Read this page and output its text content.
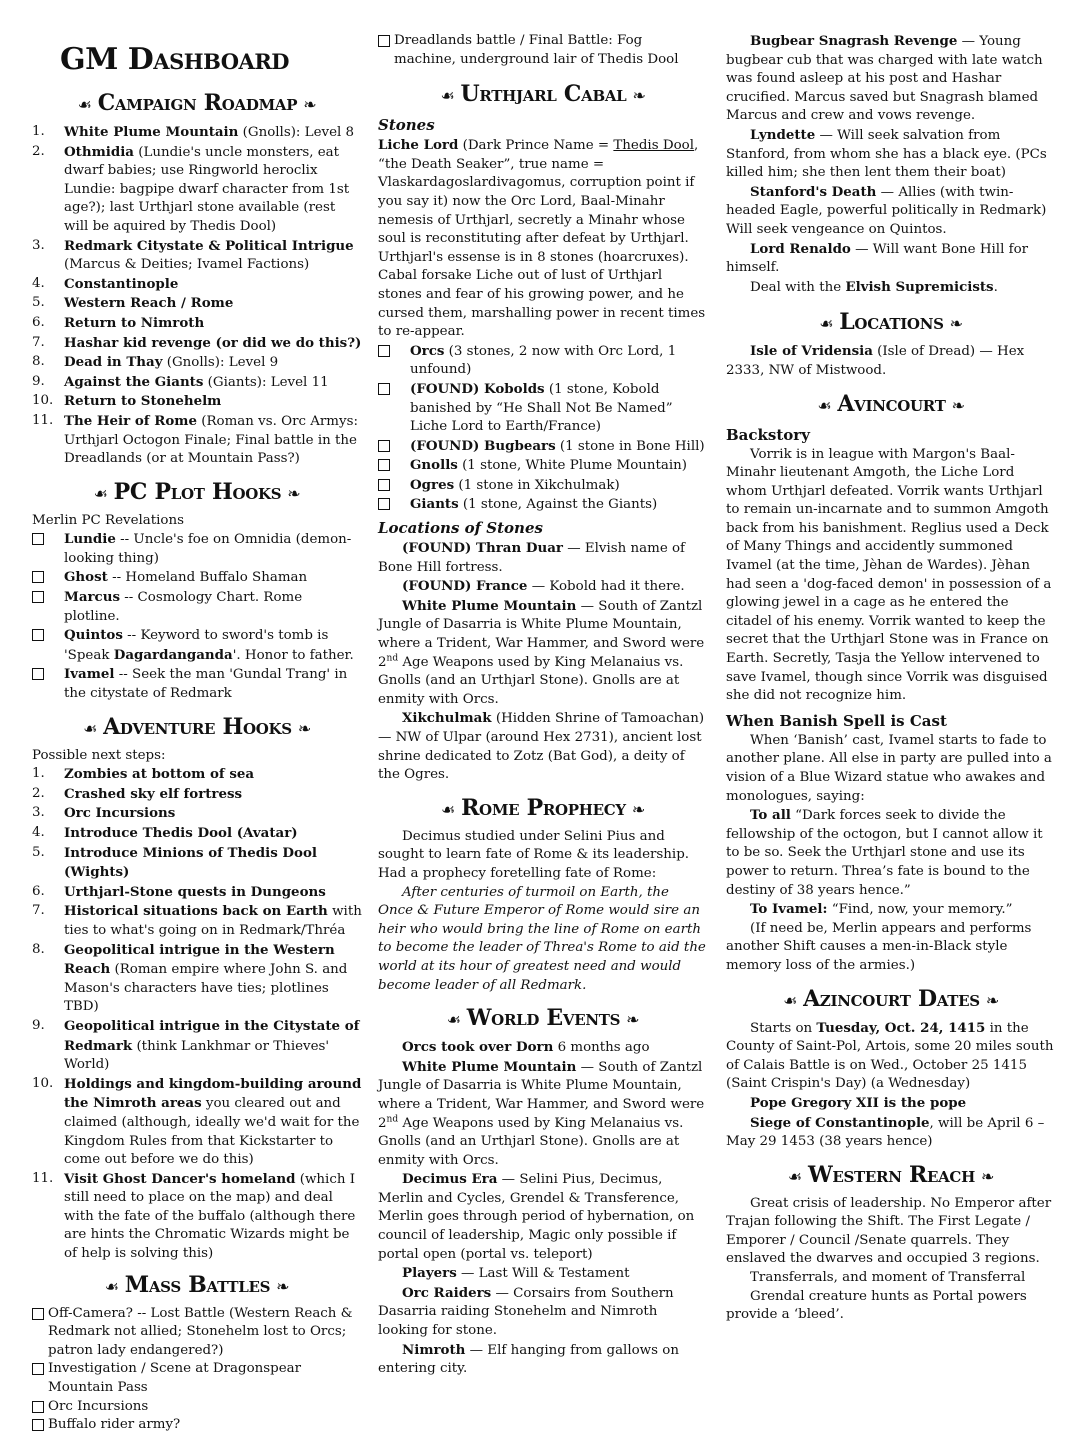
GM Dashboard
☙ Campaign Roadmap ❧
1.	White Plume Mountain (Gnolls): Level 8
2.	Othmidia (Lundie's uncle monsters, eat dwarf babies; use Ringworld heroclix Lundie: bagpipe dwarf character from 1st age?); last Urthjarl stone available (rest will be aquired by Thedis Dool)
3.	Redmark Citystate & Political Intrigue (Marcus & Deities; Ivamel Factions)
4.	Constantinople
5.	Western Reach / Rome
6.	Return to Nimroth
7.	Hashar kid revenge (or did we do this?)
8.	Dead in Thay (Gnolls): Level 9
9.	Against the Giants (Giants): Level 11
10. Return to Stonehelm
11. The Heir of Rome (Roman vs. Orc Armys: Urthjarl Octogon Finale; Final battle in the Dreadlands (or at Mountain Pass?)
☙ PC Plot Hooks ❧

Merlin PC Revelations

Lundie -- Uncle's foe on Omnidia (demon-looking thing)
Ghost -- Homeland Buffalo Shaman
Marcus -- Cosmology Chart. Rome plotline.
Quintos -- Keyword to sword's tomb is 'Speak Dagardanganda'. Honor to father.
Ivamel -- Seek the man 'Gundal Trang' in the citystate of Redmark
☙ Adventure Hooks ❧

Possible next steps:

1.	Zombies at bottom of sea
2.	Crashed sky elf fortress
3.	Orc Incursions
4.	Introduce Thedis Dool (Avatar)
5.	Introduce Minions of Thedis Dool (Wights)
6.	Urthjarl-Stone quests in Dungeons
7.	Historical situations back on Earth with ties to what's going on in Redmark/Thréa
8.	Geopolitical intrigue in the Western Reach (Roman empire where John S. and Mason's characters have ties; plotlines TBD)
9.	Geopolitical intrigue in the Citystate of Redmark (think Lankhmar or Thieves' World)
10. Holdings and kingdom-building around the Nimroth areas you cleared out and claimed (although, ideally we'd wait for the Kingdom Rules from that Kickstarter to come out before we do this)
11. Visit Ghost Dancer's homeland (which I still need to place on the map) and deal with the fate of the buffalo (although there are hints the Chromatic Wizards might be of help is solving this)
☙ Mass Battles ❧
Off-Camera? -- Lost Battle (Western Reach & Redmark not allied; Stonehelm lost to Orcs; patron lady endangered?)
Investigation / Scene at Dragonspear Mountain Pass
Orc Incursions
Buffalo rider army?
Dreadlands battle / Final Battle: Fog machine, underground lair of Thedis Dool
☙ Urthjarl Cabal ❧
Stones

Liche Lord (Dark Prince Name = Thedis Dool, “the Death Seaker”, true name = Vlaskardagoslardivagomus, corruption point if you say it) now the Orc Lord, Baal-Minahr nemesis of Urthjarl, secretly a Minahr whose soul is reconstituting after defeat by Urthjarl. Urthjarl's essense is in 8 stones (hoarcruxes). Cabal forsake Liche out of lust of Urthjarl stones and fear of his growing power, and he cursed them, marshalling power in recent times to re-appear.

Orcs (3 stones, 2 now with Orc Lord, 1 unfound)
(FOUND) Kobolds (1 stone, Kobold banished by “He Shall Not Be Named” Liche Lord to Earth/France)
(FOUND) Bugbears (1 stone in Bone Hill)
Gnolls (1 stone, White Plume Mountain)
Ogres (1 stone in Xikchulmak)
Giants (1 stone, Against the Giants)
Locations of Stones

(FOUND) Thran Duar — Elvish name of Bone Hill fortress.

(FOUND) France — Kobold had it there.

White Plume Mountain — South of Zantzl Jungle of Dasarria is White Plume Mountain, where a Trident, War Hammer, and Sword were 2nd Age Weapons used by King Melanaius vs. Gnolls (and an Urthjarl Stone). Gnolls are at enmity with Orcs.

Xikchulmak (Hidden Shrine of Tamoachan) — NW of Ulpar (around Hex 2731), ancient lost shrine dedicated to Zotz (Bat God), a deity of the Ogres.

☙ Rome Prophecy ❧

Decimus studied under Selini Pius and sought to learn fate of Rome & its leadership. Had a prophecy foretelling fate of Rome:

After centuries of turmoil on Earth, the Once & Future Emperor of Rome would sire an heir who would bring the line of Rome on earth to become the leader of Threa's Rome to aid the world at its hour of greatest need and would become leader of all Redmark.

☙ World Events ❧

Orcs took over Dorn 6 months ago

White Plume Mountain — South of Zantzl Jungle of Dasarria is White Plume Mountain, where a Trident, War Hammer, and Sword were 2nd Age Weapons used by King Melanaius vs. Gnolls (and an Urthjarl Stone). Gnolls are at enmity with Orcs.

Decimus Era — Selini Pius, Decimus, Merlin and Cycles, Grendel & Transference, Merlin goes through period of hybernation, on council of leadership, Magic only possible if portal open (portal vs. teleport)

Players — Last Will & Testament

Orc Raiders — Corsairs from Southern Dasarria raiding Stonehelm and Nimroth looking for stone.

Nimroth — Elf hanging from gallows on entering city.

Bugbear Snagrash Revenge — Young bugbear cub that was charged with late watch was found asleep at his post and Hashar crucified. Marcus saved but Snagrash blamed Marcus and crew and vows revenge.

Lyndette — Will seek salvation from Stanford, from whom she has a black eye. (PCs killed him; she then lent them their boat)

Stanford's Death — Allies (with twin-headed Eagle, powerful politically in Redmark) Will seek vengeance on Quintos.

Lord Renaldo — Will want Bone Hill for himself.

Deal with the Elvish Supremicists.

☙ Locations ❧

Isle of Vridensia (Isle of Dread) — Hex 2333, NW of Mistwood.

☙ Avincourt ❧
Backstory

Vorrik is in league with Margon's Baal-Minahr lieutenant Amgoth, the Liche Lord whom Urthjarl defeated. Vorrik wants Urthjarl to remain un-incarnate and to summon Amgoth back from his banishment. Reglius used a Deck of Many Things and accidently summoned Ivamel (at the time, Jèhan de Wardes). Jèhan had seen a 'dog-faced demon' in possession of a glowing jewel in a cage as he entered the citadel of his enemy. Vorrik wanted to keep the secret that the Urthjarl Stone was in France on Earth. Secretly, Tasja the Yellow intervened to save Ivamel, though since Vorrik was disguised she did not recognize him.

When Banish Spell is Cast

When ‘Banish’ cast, Ivamel starts to fade to another plane. All else in party are pulled into a vision of a Blue Wizard statue who awakes and monologues, saying:

To all “Dark forces seek to divide the fellowship of the octogon, but I cannot allow it to be so. Seek the Urthjarl stone and use its power to return. Threa’s fate is bound to the destiny of 38 years hence.”

To Ivamel: “Find, now, your memory.”

(If need be, Merlin appears and performs another Shift causes a men-in-Black style memory loss of the armies.)

☙ Azincourt Dates ❧

Starts on Tuesday, Oct. 24, 1415 in the County of Saint-Pol, Artois, some 20 miles south of Calais Battle is on Wed., October 25 1415 (Saint Crispin's Day) (a Wednesday)

Pope Gregory XII is the pope

Siege of Constantinople, will be April 6 – May 29 1453 (38 years hence)

☙ Western Reach ❧

Great crisis of leadership. No Emperor after Trajan following the Shift. The First Legate / Emporer / Council /Senate quarrels. They enslaved the dwarves and occupied 3 regions.

Transferrals, and moment of Transferral

Grendal creature hunts as Portal powers provide a ‘bleed’.
